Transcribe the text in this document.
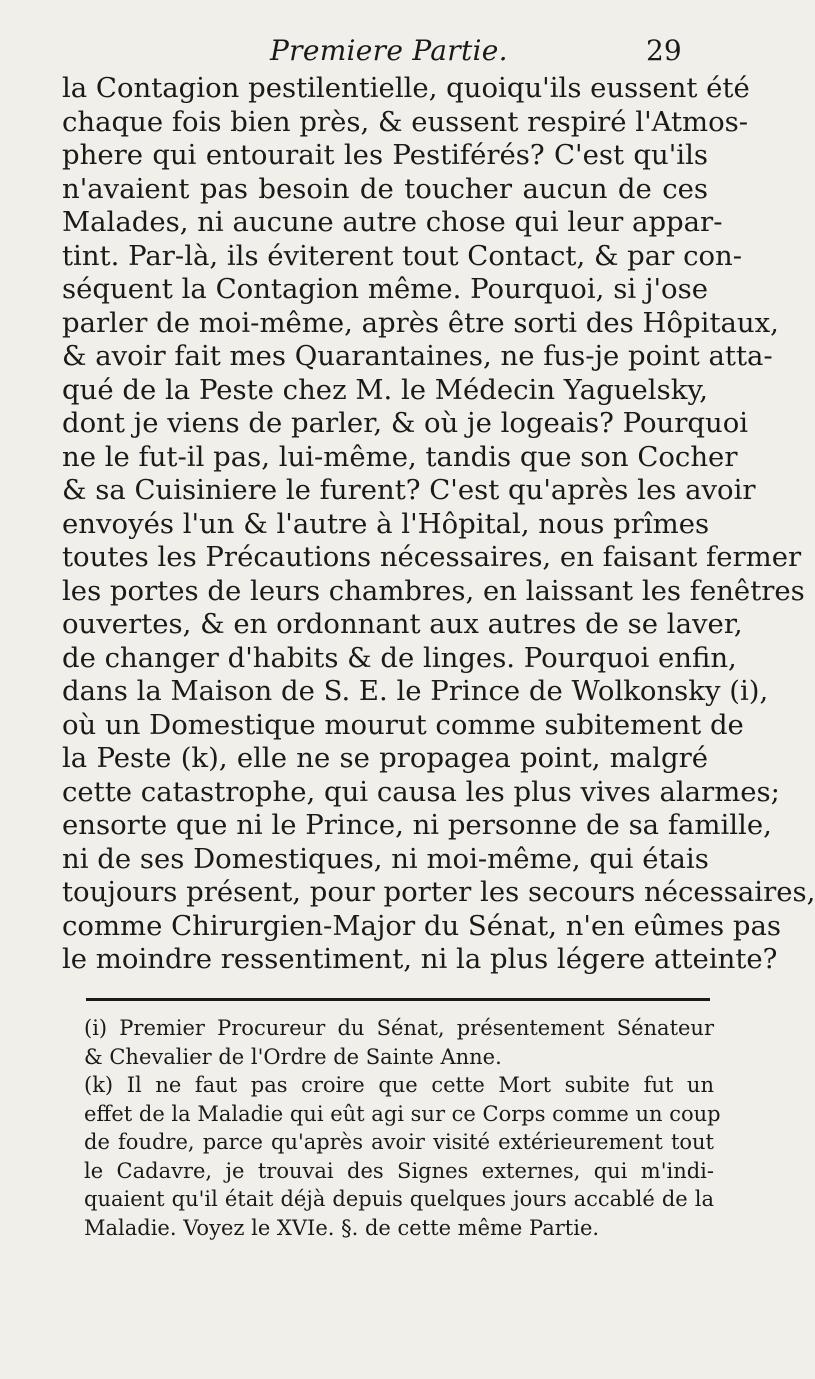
Premiere Partie.	29
la Contagion pestilentielle, quoiqu'ils eussent été
chaque fois bien près, & eussent respiré l'Atmos-
phere qui entourait les Pestiférés? C'est qu'ils
n'avaient pas besoin de toucher aucun de ces
Malades, ni aucune autre chose qui leur appar-
tint. Par-là, ils éviterent tout Contact, & par con-
séquent la Contagion même. Pourquoi, si j'ose
parler de moi-même, après être sorti des Hôpitaux,
& avoir fait mes Quarantaines, ne fus-je point atta-
qué de la Peste chez M. le Médecin Yaguelsky,
dont je viens de parler, & où je logeais? Pourquoi
ne le fut-il pas, lui-même, tandis que son Cocher
& sa Cuisiniere le furent? C'est qu'après les avoir
envoyés l'un & l'autre à l'Hôpital, nous prîmes
toutes les Précautions nécessaires, en faisant fermer
les portes de leurs chambres, en laissant les fenêtres
ouvertes, & en ordonnant aux autres de se laver,
de changer d'habits & de linges. Pourquoi enfin,
dans la Maison de S. E. le Prince de Wolkonsky (i),
où un Domestique mourut comme subitement de
la Peste (k), elle ne se propagea point, malgré
cette catastrophe, qui causa les plus vives alarmes;
ensorte que ni le Prince, ni personne de sa famille,
ni de ses Domestiques, ni moi-même, qui étais
toujours présent, pour porter les secours nécessaires,
comme Chirurgien-Major du Sénat, n'en eûmes pas
le moindre ressentiment, ni la plus légere atteinte?
(i) Premier Procureur du Sénat, présentement Sénateur
& Chevalier de l'Ordre de Sainte Anne.
(k) Il ne faut pas croire que cette Mort subite fut un
effet de la Maladie qui eût agi sur ce Corps comme un coup
de foudre, parce qu'après avoir visité extérieurement tout
le Cadavre, je trouvai des Signes externes, qui m'indi-
quaient qu'il était déjà depuis quelques jours accablé de la
Maladie. Voyez le XVIe. §. de cette même Partie.
